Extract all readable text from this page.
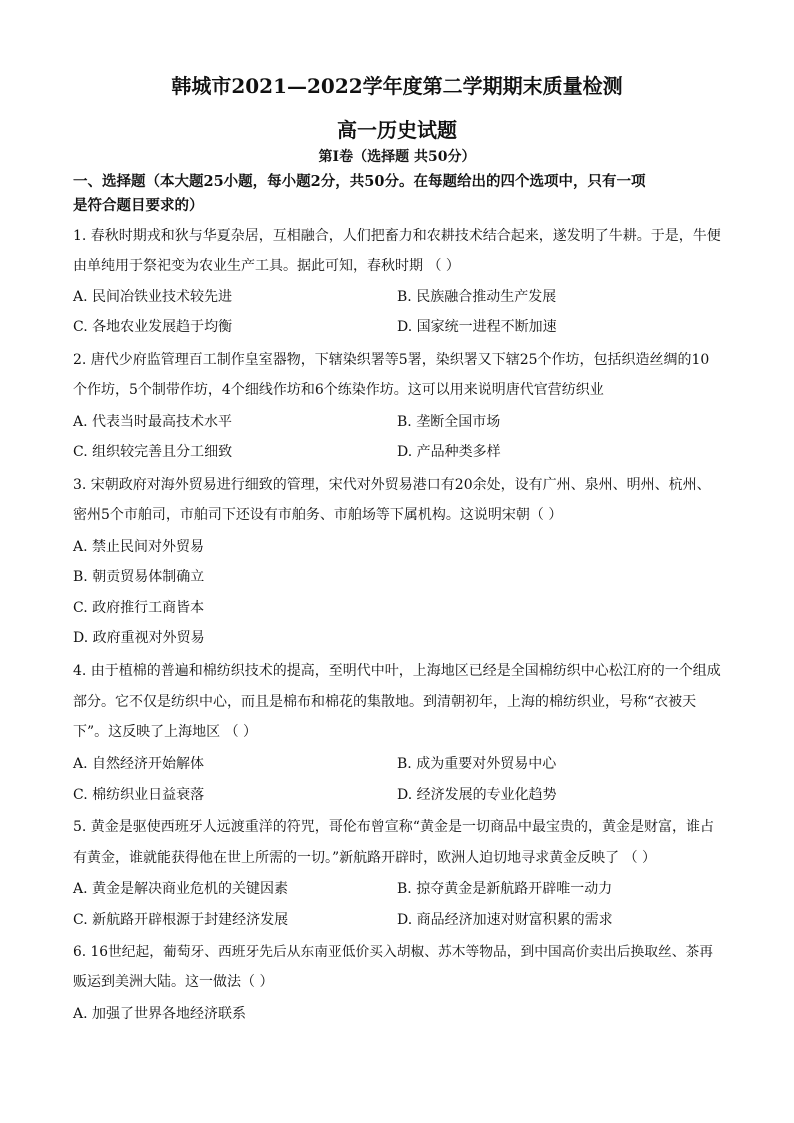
韩城市2021—2022学年度第二学期期末质量检测
高一历史试题
第Ⅰ卷（选择题 共50分）
一、选择题（本大题25小题，每小题2分，共50分。在每题给出的四个选项中，只有一项
是符合题目要求的）
1. 春秋时期戎和狄与华夏杂居，互相融合，人们把畜力和农耕技术结合起来，遂发明了牛耕。于是，牛便
由单纯用于祭祀变为农业生产工具。据此可知，春秋时期 （ ）
A. 民间冶铁业技术较先进	B. 民族融合推动生产发展
C. 各地农业发展趋于均衡	D. 国家统一进程不断加速
2. 唐代少府监管理百工制作皇室器物，下辖染织署等5署，染织署又下辖25个作坊，包括织造丝绸的10
个作坊，5个制带作坊，4个细线作坊和6个练染作坊。这可以用来说明唐代官营纺织业
A. 代表当时最高技术水平	B. 垄断全国市场
C. 组织较完善且分工细致	D. 产品种类多样
3. 宋朝政府对海外贸易进行细致的管理，宋代对外贸易港口有20余处，设有广州、泉州、明州、杭州、
密州5个市舶司，市舶司下还设有市舶务、市舶场等下属机构。这说明宋朝（ ）
A. 禁止民间对外贸易
B. 朝贡贸易体制确立
C. 政府推行工商皆本
D. 政府重视对外贸易
4. 由于植棉的普遍和棉纺织技术的提高，至明代中叶，上海地区已经是全国棉纺织中心松江府的一个组成
部分。它不仅是纺织中心，而且是棉布和棉花的集散地。到清朝初年，上海的棉纺织业，号称“衣被天
下”。这反映了上海地区 （ ）
A. 自然经济开始解体	B. 成为重要对外贸易中心
C. 棉纺织业日益衰落	D. 经济发展的专业化趋势
5. 黄金是驱使西班牙人远渡重洋的符咒，哥伦布曾宣称“黄金是一切商品中最宝贵的，黄金是财富，谁占
有黄金，谁就能获得他在世上所需的一切。”新航路开辟时，欧洲人迫切地寻求黄金反映了 （ ）
A. 黄金是解决商业危机的关键因素	B. 掠夺黄金是新航路开辟唯一动力
C. 新航路开辟根源于封建经济发展	D. 商品经济加速对财富积累的需求
6. 16世纪起，葡萄牙、西班牙先后从东南亚低价买入胡椒、苏木等物品，到中国高价卖出后换取丝、茶再
贩运到美洲大陆。这一做法（ ）
A. 加强了世界各地经济联系
